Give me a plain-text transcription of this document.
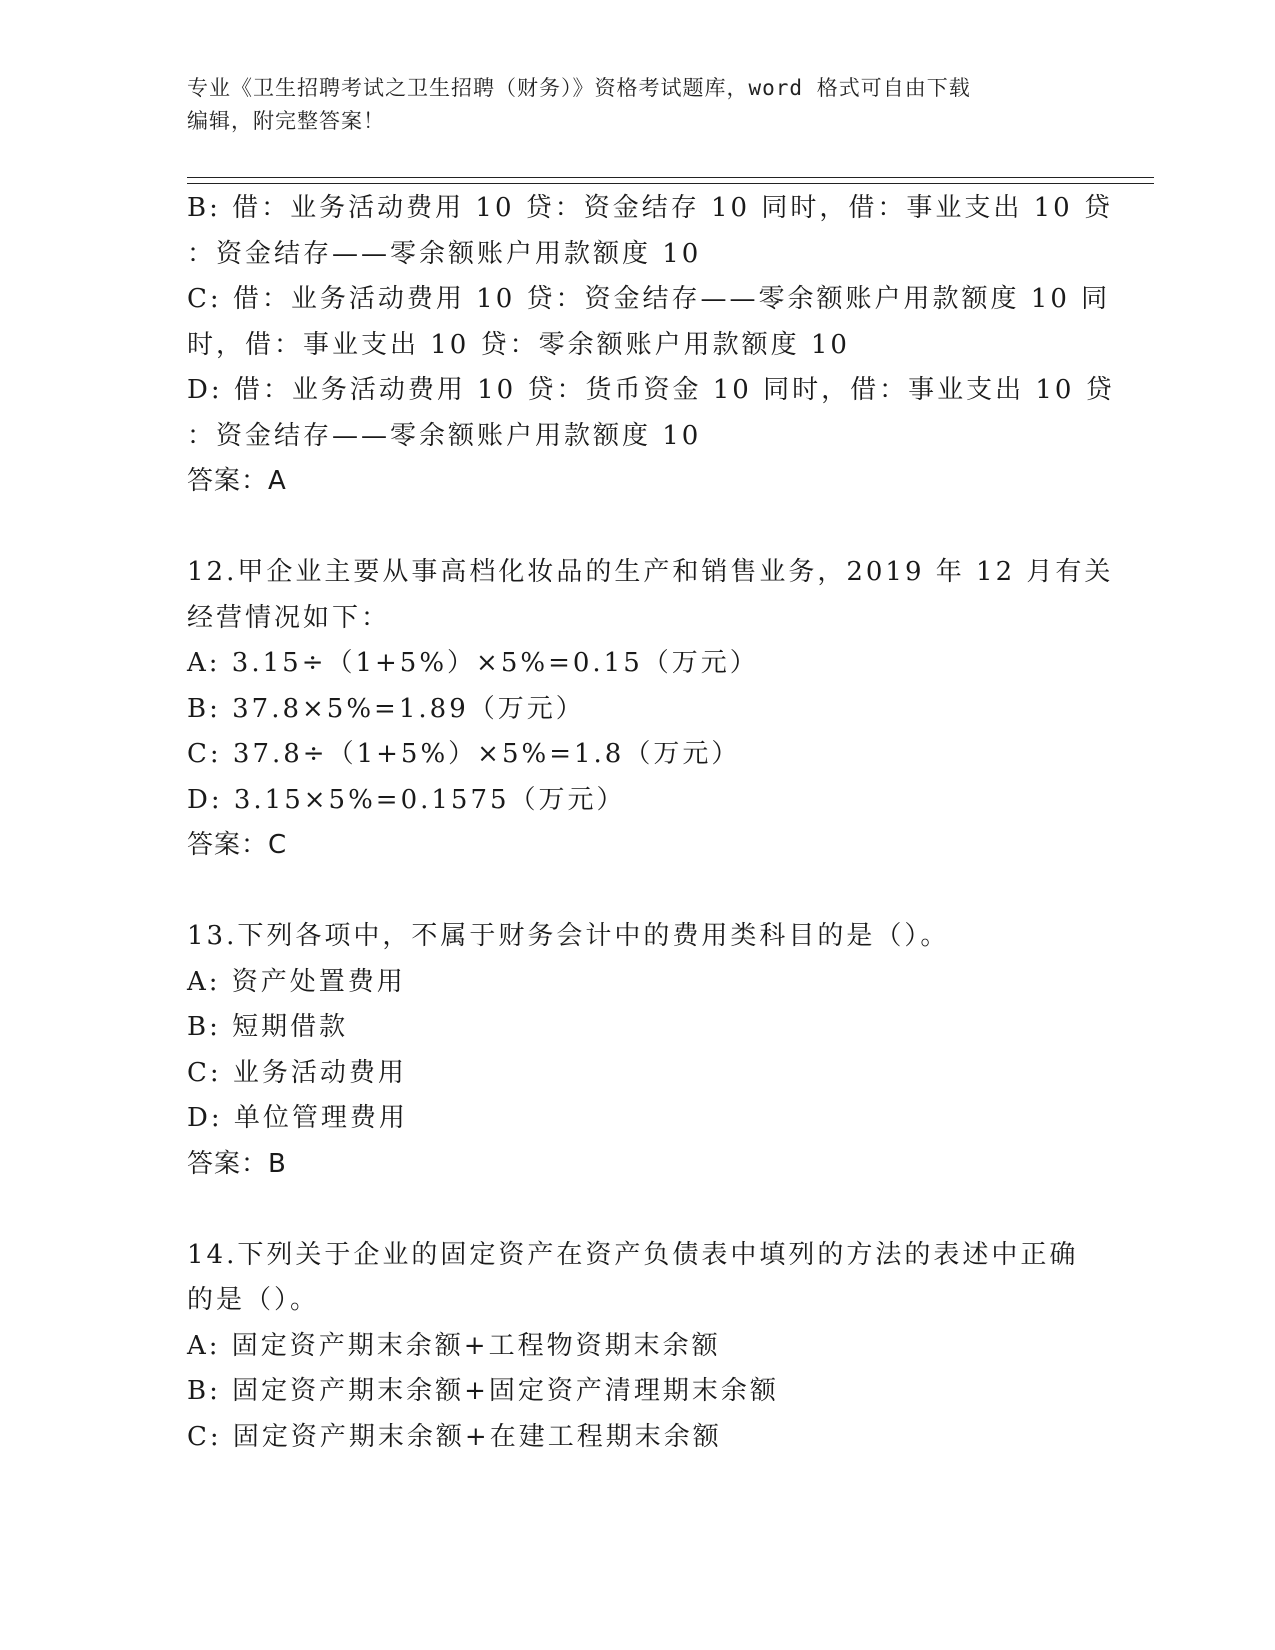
专业《卫生招聘考试之卫生招聘（财务）》资格考试题库，word 格式可自由下载
编辑，附完整答案！
B: 借：业务活动费用 10 贷：资金结存 10 同时，借：事业支出 10 贷
：资金结存——零余额账户用款额度 10
C: 借：业务活动费用 10 贷：资金结存——零余额账户用款额度 10 同
时，借：事业支出 10 贷：零余额账户用款额度 10
D: 借：业务活动费用 10 贷：货币资金 10 同时，借：事业支出 10 贷
：资金结存——零余额账户用款额度 10
答案：A
12.甲企业主要从事高档化妆品的生产和销售业务，2019 年 12 月有关
经营情况如下：
A: 3.15÷（1+5%）×5%=0.15（万元）
B: 37.8×5%=1.89（万元）
C: 37.8÷（1+5%）×5%=1.8（万元）
D: 3.15×5%=0.1575（万元）
答案：C
13.下列各项中，不属于财务会计中的费用类科目的是（）。
A: 资产处置费用
B: 短期借款
C: 业务活动费用
D: 单位管理费用
答案：B
14.下列关于企业的固定资产在资产负债表中填列的方法的表述中正确
的是（）。
A: 固定资产期末余额+工程物资期末余额
B: 固定资产期末余额+固定资产清理期末余额
C: 固定资产期末余额+在建工程期末余额
